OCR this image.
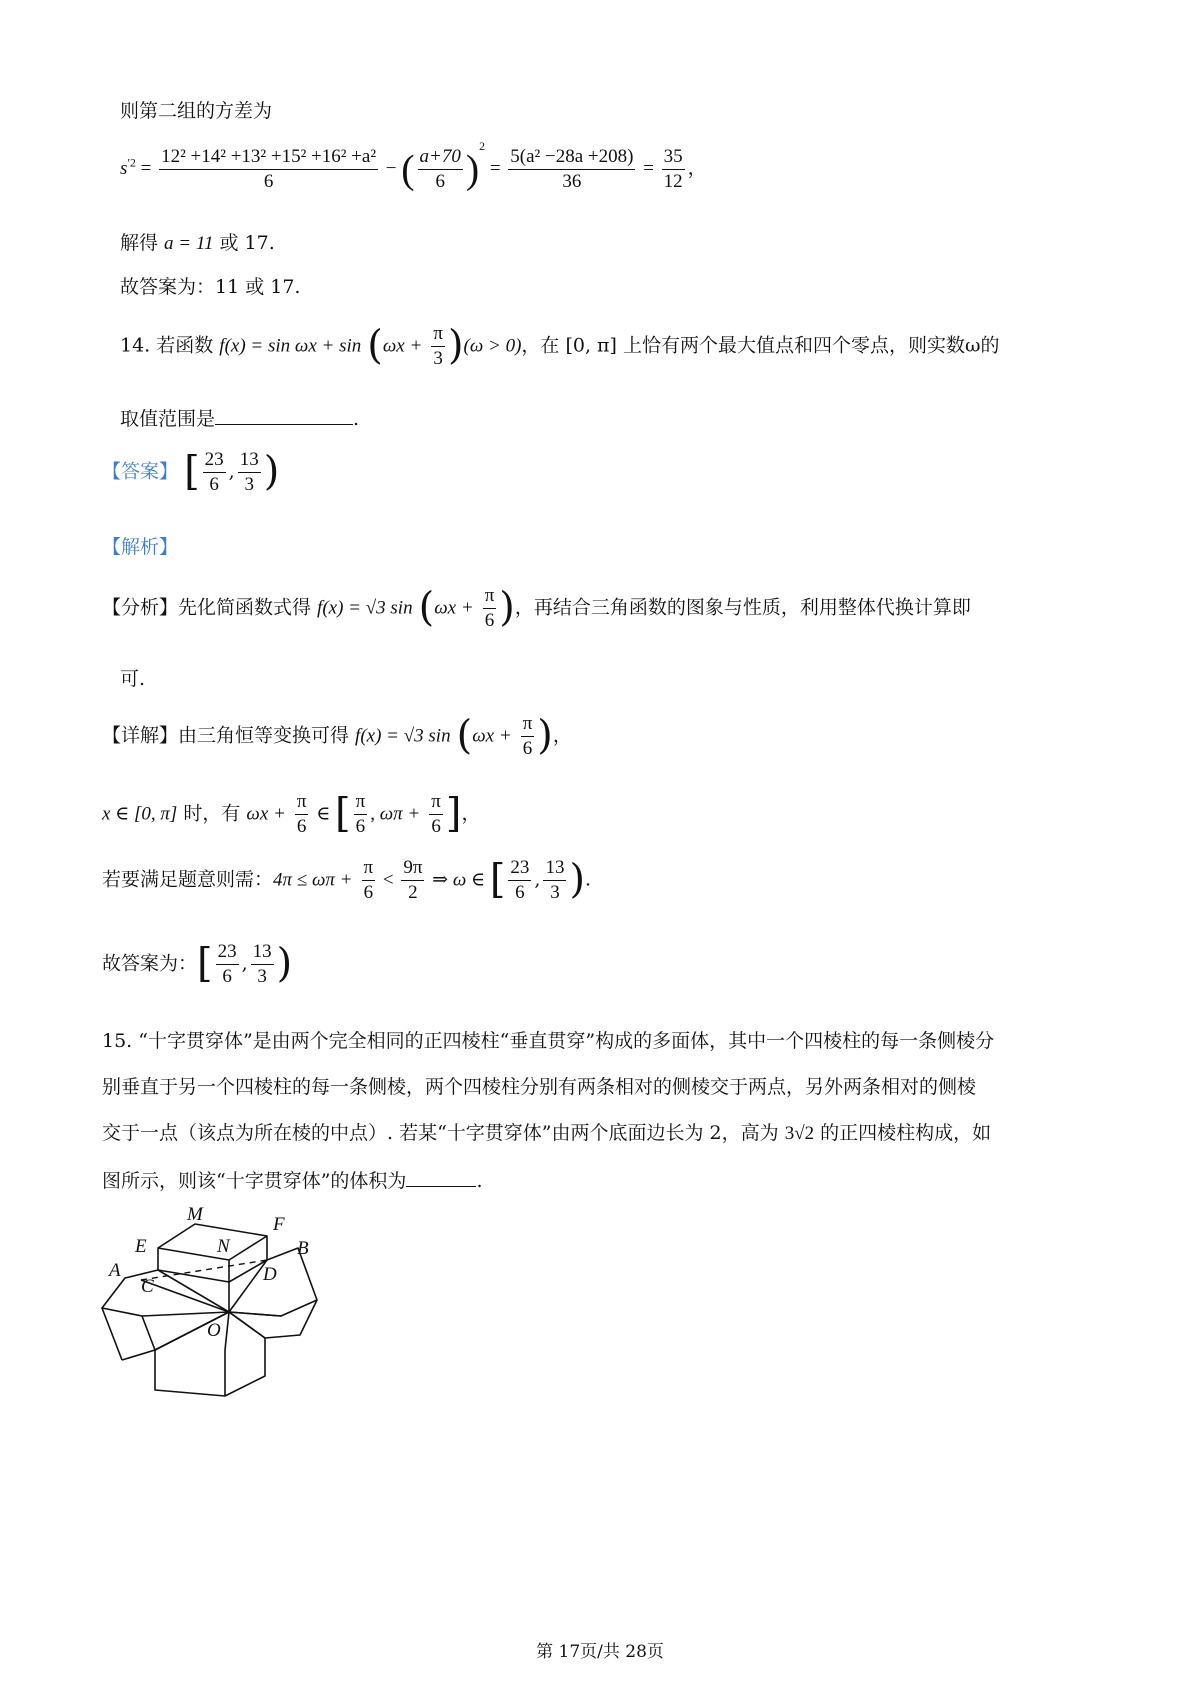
则第二组的方差为
$s^{'2} = \frac{\text{12² +14² +13² +15² +16² +a²}}{6}$ − ( $\frac{a+70}{6} )^2 = \frac{\text{5(a² −28a +208)}}{36} = \frac{35}{12}$ ，
解得 a = 11 或 17.
故答案为：11 或 17.
14. 若函数 $f(x) = \sin \omega x + \sin (\omega x + \frac{\pi}{3} )(\omega > 0)$，在 [0, π] 上恰有两个最大值点和四个零点，则实数ω的
取值范围是	.
【答案】 [ $\frac{23}{6}$ , $\frac{13}{3}$ )
【解析】
【分析】先化简函数式得 f(x) = √3 $\sin (\omega x + \frac{\pi}{6}$ )，再结合三角函数的图象与性质，利用整体代换计算即
可.
【详解】由三角恒等变换可得 f(x) = √3 $\sin (\omega x + \frac{\pi}{6}$ )，
x ∈ [0, π] 时，有 $\omega x + \frac{\pi}{6}$ ∈ [ $\frac{\pi}{6}$ , $\omega\pi + \frac{\pi}{6}$ ]，
若要满足题意则需：$4\pi \le \omega\pi + \frac{\pi}{6} < \frac{9\pi}{2}$ ⇒ ω ∈ [ $\frac{23}{6}$ , $\frac{13}{3}$ ).
故答案为：[ $\frac{23}{6}$ , $\frac{13}{3}$ )
15. “十字贯穿体”是由两个完全相同的正四棱柱“垂直贯穿”构成的多面体，其中一个四棱柱的每一条侧棱分
别垂直于另一个四棱柱的每一条侧棱，两个四棱柱分别有两条相对的侧棱交于两点，另外两条相对的侧棱
交于一点（该点为所在棱的中点）. 若某“十字贯穿体”由两个底面边长为 2，高为 3√2 的正四棱柱构成，如
图所示，则该“十字贯穿体”的体积为	.
M
E	N
F
B
A
C
D
O
第 17页/共 28页
